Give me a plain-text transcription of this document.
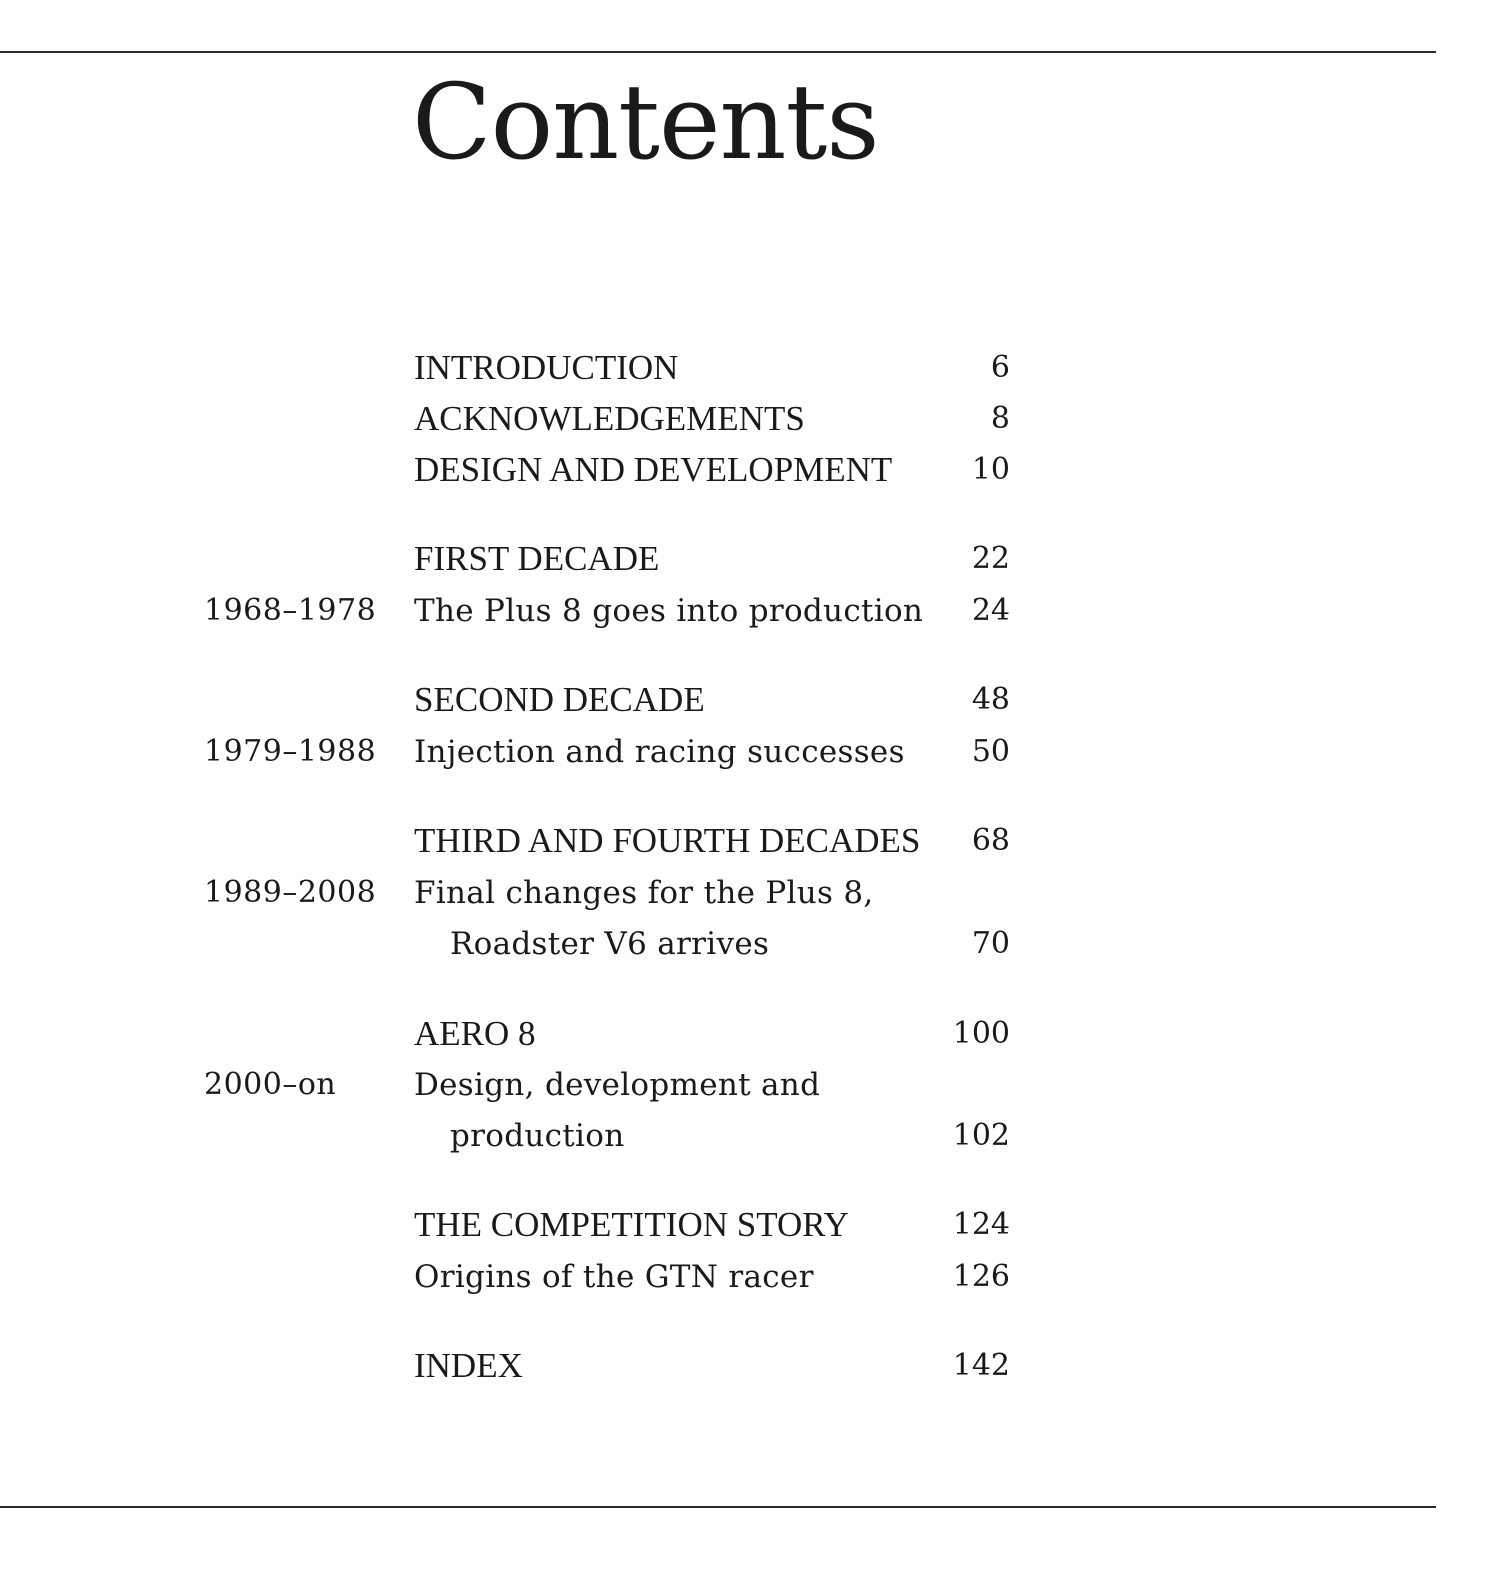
Contents
INTRODUCTION	6
ACKNOWLEDGEMENTS	8
DESIGN AND DEVELOPMENT	10
FIRST DECADE	22
1968–1978 The Plus 8 goes into production 24
SECOND DECADE	48
1979–1988 Injection and racing successes 50
THIRD AND FOURTH DECADES 68
1989–2008 Final changes for the Plus 8,
Roadster V6 arrives	70
AERO 8	100
2000–on	Design, development and
production	102
THE COMPETITION STORY	124
Origins of the GTN racer	126
INDEX	142
